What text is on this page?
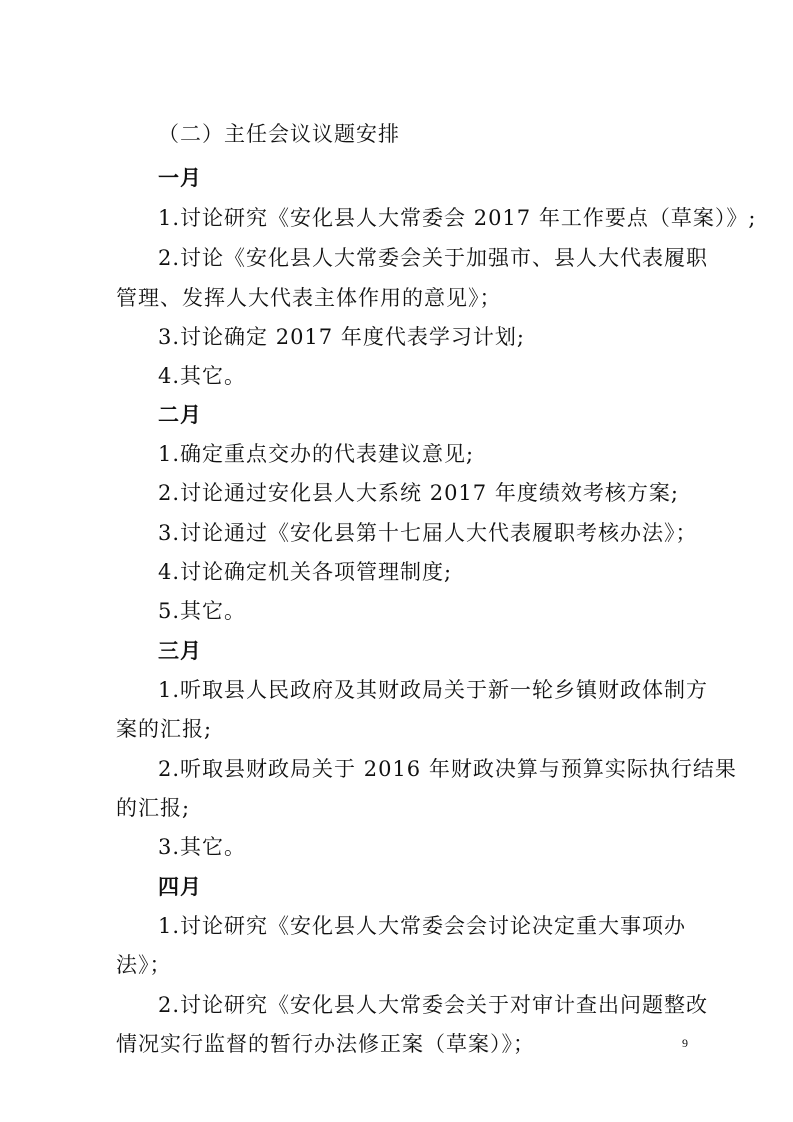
（二）主任会议议题安排
一月
1.讨论研究《安化县人大常委会 2017 年工作要点（草案）》;
2.讨论《安化县人大常委会关于加强市、县人大代表履职
管理、发挥人大代表主体作用的意见》；
3.讨论确定 2017 年度代表学习计划;
4.其它。
二月
1.确定重点交办的代表建议意见;
2.讨论通过安化县人大系统 2017 年度绩效考核方案;
3.讨论通过《安化县第十七届人大代表履职考核办法》；
4.讨论确定机关各项管理制度;
5.其它。
三月
1.听取县人民政府及其财政局关于新一轮乡镇财政体制方
案的汇报;
2.听取县财政局关于 2016 年财政决算与预算实际执行结果
的汇报;
3.其它。
四月
1.讨论研究《安化县人大常委会会讨论决定重大事项办
法》；
2.讨论研究《安化县人大常委会关于对审计查出问题整改
情况实行监督的暂行办法修正案（草案）》；	9
